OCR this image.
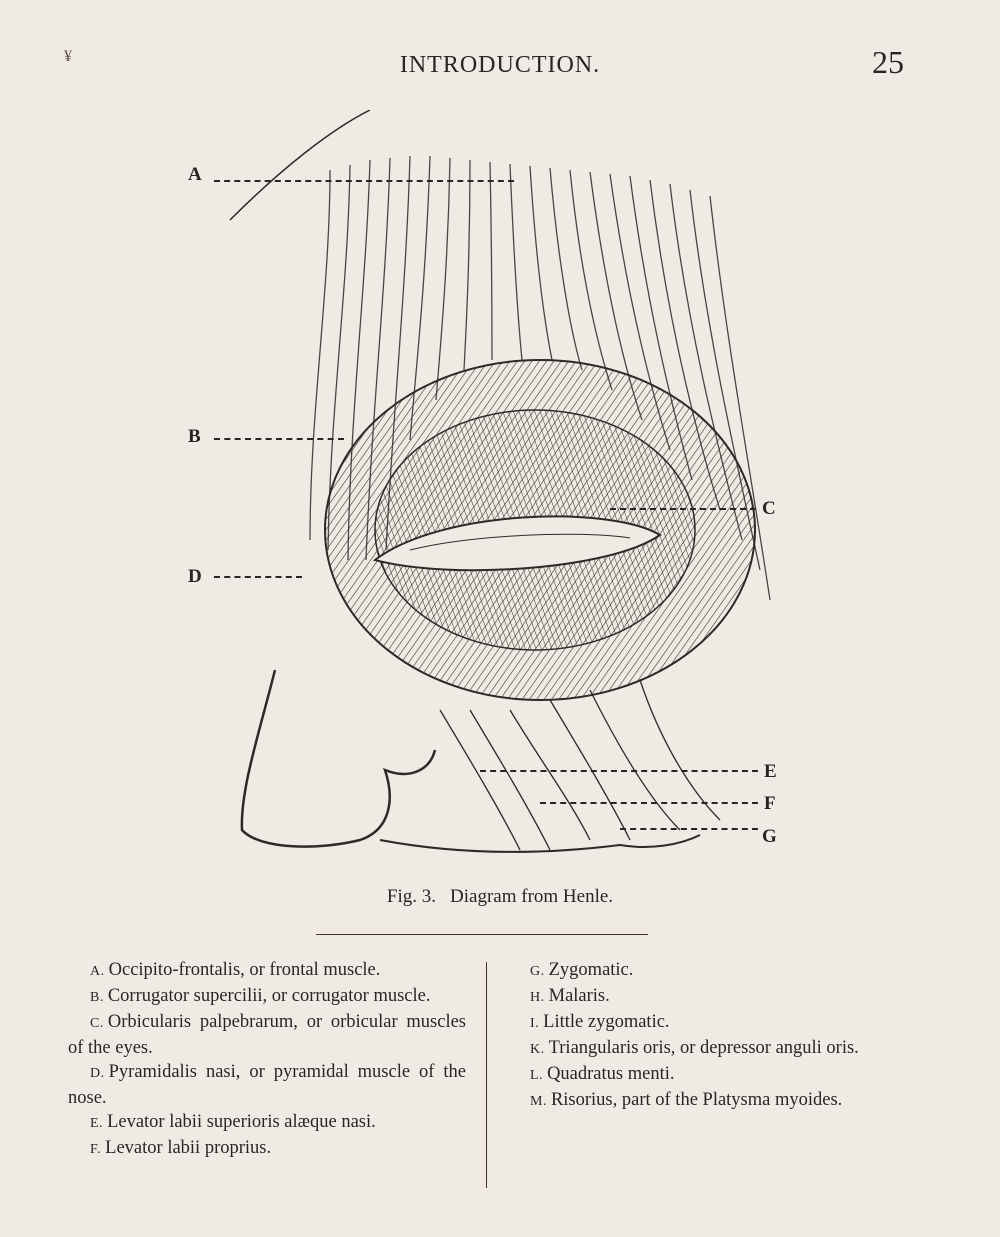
¥	INTRODUCTION.	25
A
B
C
D
E
F
G
Fig. 3. Diagram from Henle.

A. Occipito-frontalis, or frontal muscle.

B. Corrugator supercilii, or corrugator muscle.

C. Orbicularis palpebrarum, or orbicular muscles of the eyes.

D. Pyramidalis nasi, or pyramidal muscle of the nose.

E. Levator labii superioris alæque nasi.

F. Levator labii proprius.

G. Zygomatic.

H. Malaris.

I. Little zygomatic.

K. Triangularis oris, or depressor anguli oris.

L. Quadratus menti.

M. Risorius, part of the Platysma myoides.
